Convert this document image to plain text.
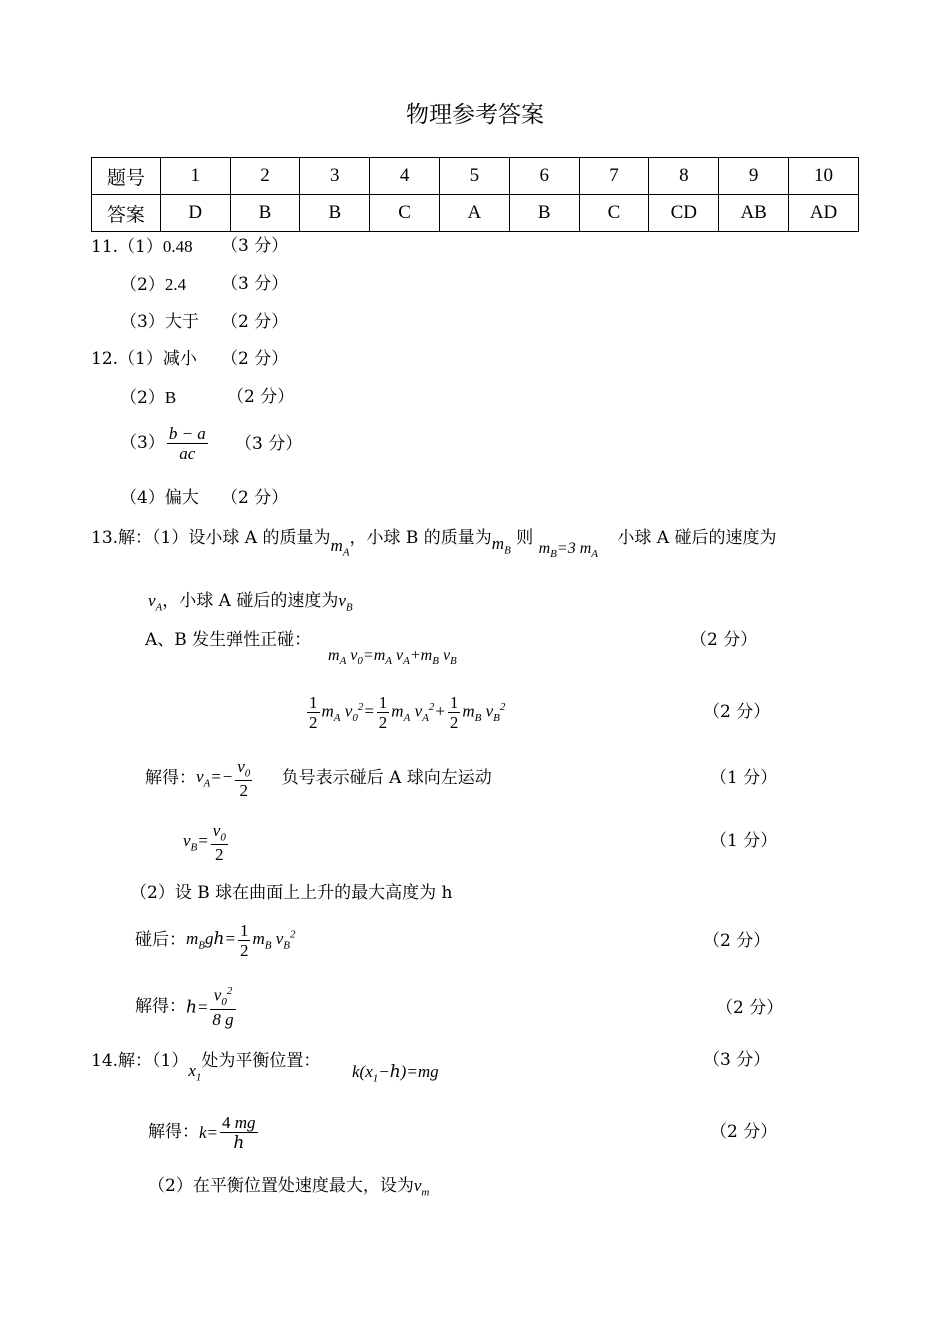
物理参考答案
题号	1	2	3	4	5	6	7	8	9	10
答案	D	B	B	C	A	B	C	CD	AB	AD
11.（1）0.48 （3 分）
（2）2.4 （3 分）
（3）大于 （2 分）
12.（1）减小 （2 分）
（2）B	（2 分）
$(3) \frac{b - a}{ac} (3$ 分）
（4）偏大 （2 分）
13.解：（1）设小球 A 的质量为$m_A$，小球 B 的质量为$m_B$ 则 $m_B=3$ $m_A$ 小球 A 碰后的速度为
$v_A$，小球 A 碰后的速度为$v_B$
A、B 发生弹性正碰：
$m_A$ $v_0=m_A$ $v_A+m_B$ $v_B$
（2 分）
$\frac{1}{2} m_A$ $v_0^2= \frac{1}{2} m_A$ $v_A^2+ \frac{1}{2} m_B$ $v_B^2$	（2 分）
解得：$v_A=- \frac{v_0}{2}$ 负号表示碰后 A 球向左运动	（1 分）
$v_B= \frac{v_0}{2}$	（1 分）
（2）设 B 球在曲面上上升的最大高度为 h
碰后：$m_Bgℎ= \frac{1}{2} m_B$ $v_B^2$	（2 分）
解得：ℎ= $\frac{v_0^2}{8 g}$	（2 分）
14.解：$(1)x_1$处为平衡位置：
$k(x_1-ℎ)=mg$
（3 分）
解得：$k= \frac{4 mg}{\text{ℎ}}$	（2 分）
（2）在平衡位置处速度最大，设为$v_m$
